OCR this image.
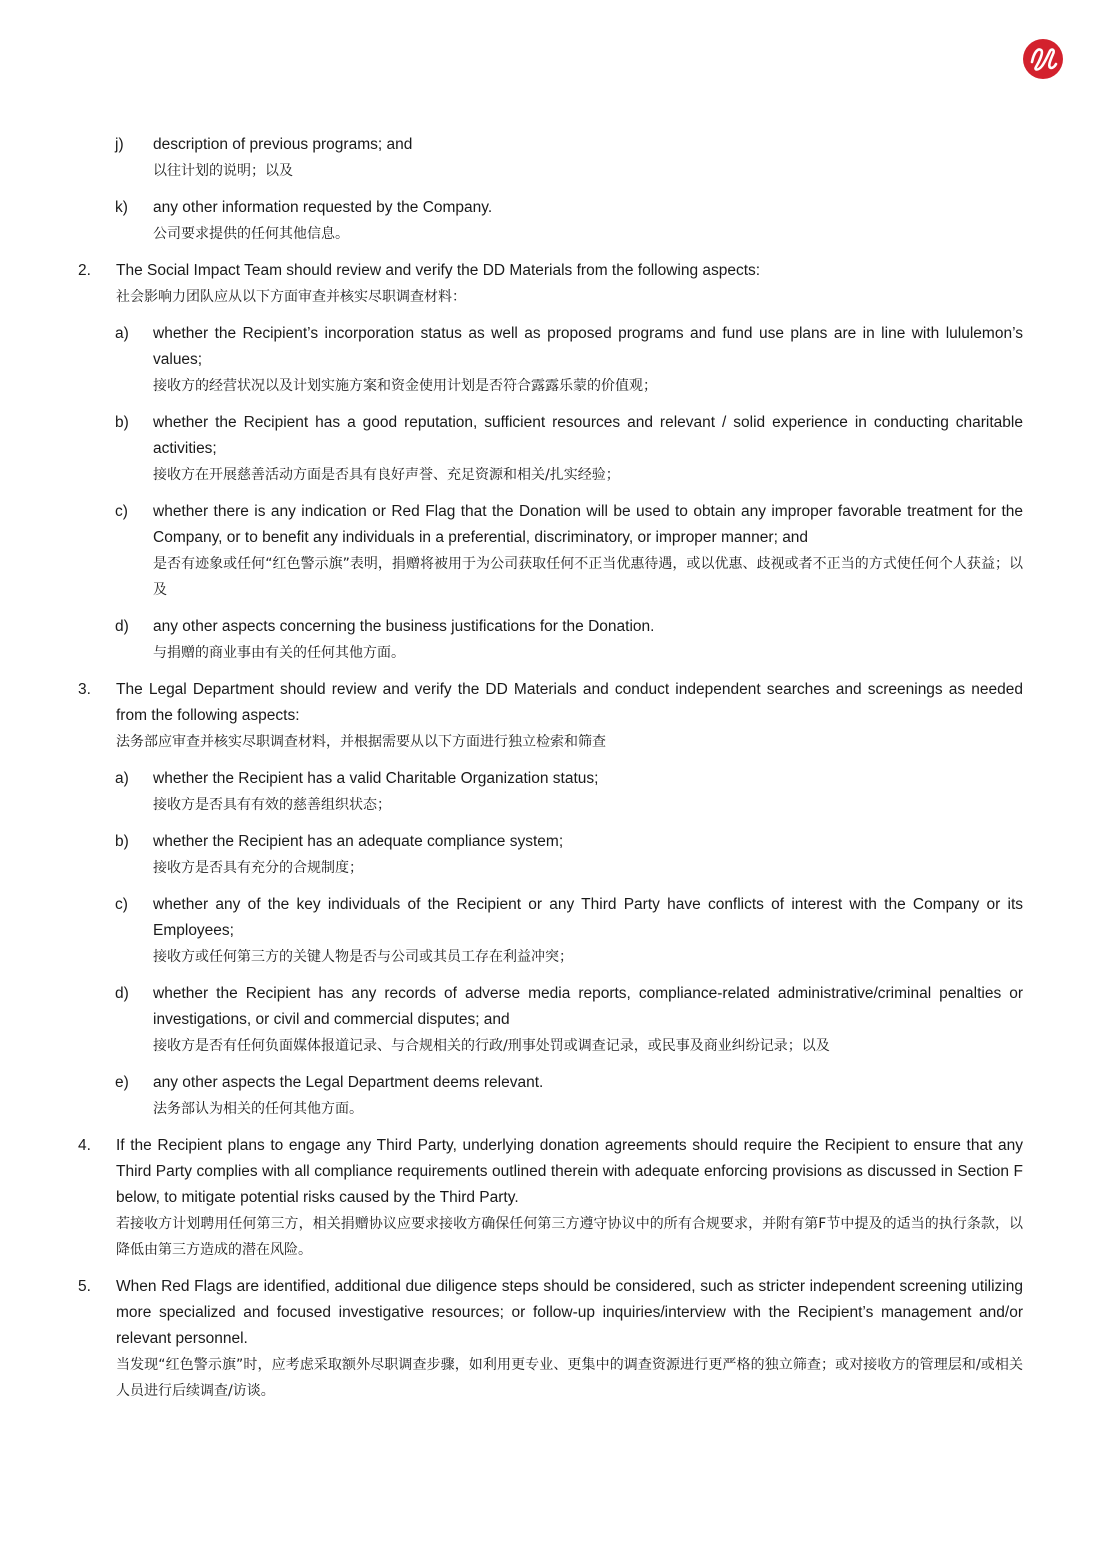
j)	description of previous programs; and
以往计划的说明；以及
k)	any other information requested by the Company.
公司要求提供的任何其他信息。
2.	The Social Impact Team should review and verify the DD Materials from the following aspects:
社会影响力团队应从以下方面审查并核实尽职调查材料：
a)	whether the Recipient’s incorporation status as well as proposed programs and fund use plans are in line with lululemon’s values;
接收方的经营状况以及计划实施方案和资金使用计划是否符合露露乐蒙的价值观；
b)	whether the Recipient has a good reputation, sufficient resources and relevant / solid experience in conducting charitable activities;
接收方在开展慈善活动方面是否具有良好声誉、充足资源和相关/扎实经验；
c)	whether there is any indication or Red Flag that the Donation will be used to obtain any improper favorable treatment for the Company, or to benefit any individuals in a preferential, discriminatory, or improper manner; and
是否有迹象或任何“红色警示旗”表明，捐赠将被用于为公司获取任何不正当优惠待遇，或以优惠、歧视或者不正当的方式使任何个人获益；以及
d)	any other aspects concerning the business justifications for the Donation.
与捐赠的商业事由有关的任何其他方面。
3.	The Legal Department should review and verify the DD Materials and conduct independent searches and screenings as needed from the following aspects:
法务部应审查并核实尽职调查材料，并根据需要从以下方面进行独立检索和筛查
a)	whether the Recipient has a valid Charitable Organization status;
接收方是否具有有效的慈善组织状态；
b)	whether the Recipient has an adequate compliance system;
接收方是否具有充分的合规制度；
c)	whether any of the key individuals of the Recipient or any Third Party have conflicts of interest with the Company or its Employees;
接收方或任何第三方的关键人物是否与公司或其员工存在利益冲突；
d)	whether the Recipient has any records of adverse media reports, compliance-related administrative/criminal penalties or investigations, or civil and commercial disputes; and
接收方是否有任何负面媒体报道记录、与合规相关的行政/刑事处罚或调查记录，或民事及商业纠纷记录；以及
e)	any other aspects the Legal Department deems relevant.
法务部认为相关的任何其他方面。
4.	If the Recipient plans to engage any Third Party, underlying donation agreements should require the Recipient to ensure that any Third Party complies with all compliance requirements outlined therein with adequate enforcing provisions as discussed in Section F below, to mitigate potential risks caused by the Third Party.
若接收方计划聘用任何第三方，相关捐赠协议应要求接收方确保任何第三方遵守协议中的所有合规要求，并附有第F节中提及的适当的执行条款，以降低由第三方造成的潜在风险。
5.	When Red Flags are identified, additional due diligence steps should be considered, such as stricter independent screening utilizing more specialized and focused investigative resources; or follow-up inquiries/interview with the Recipient’s management and/or relevant personnel.
当发现“红色警示旗”时，应考虑采取额外尽职调查步骤，如利用更专业、更集中的调查资源进行更严格的独立筛查；或对接收方的管理层和/或相关人员进行后续调查/访谈。
